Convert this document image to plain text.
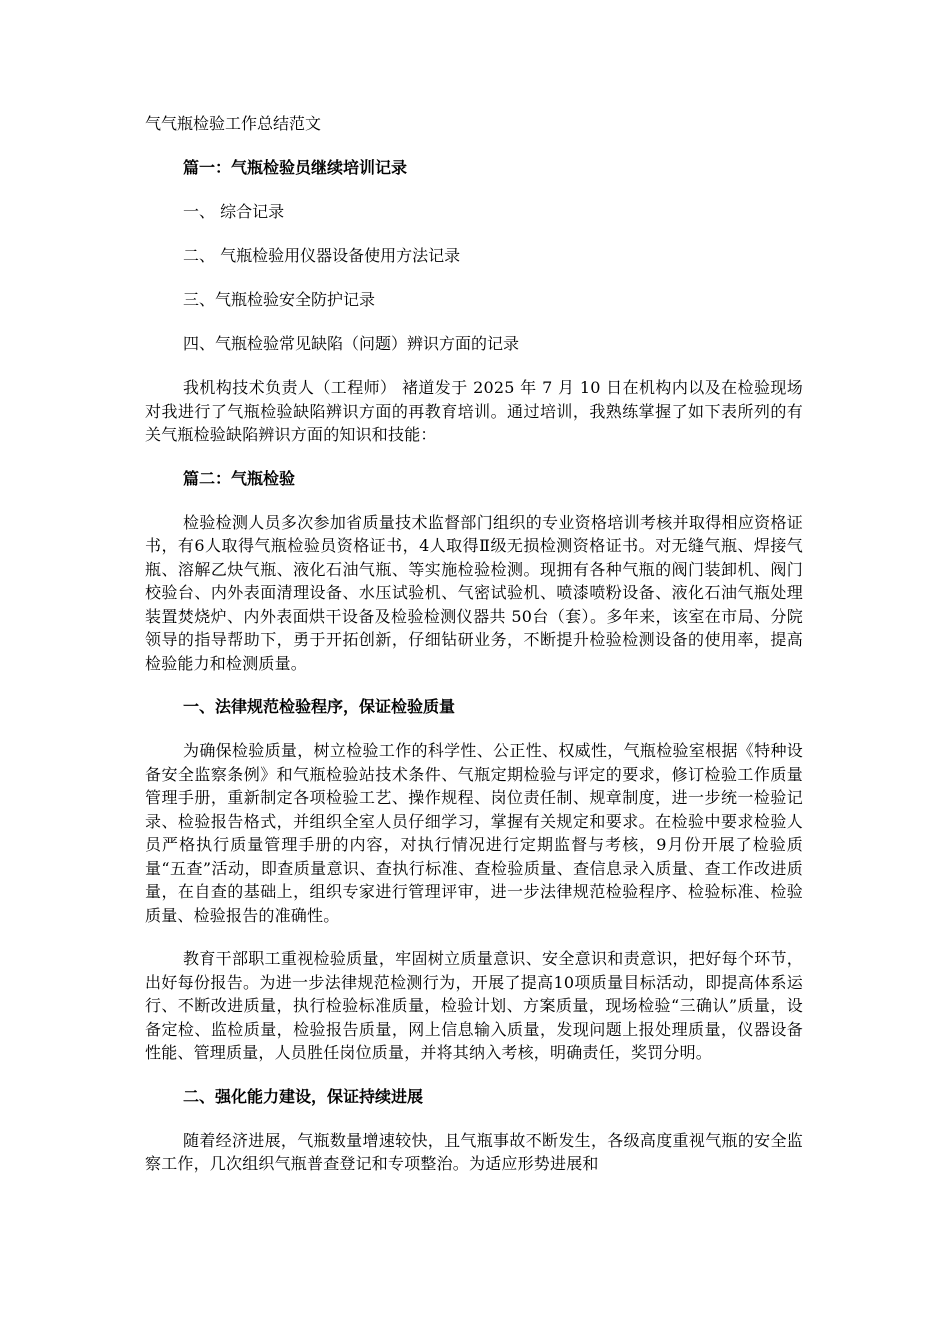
气气瓶检验工作总结范文

篇一：气瓶检验员继续培训记录

一、 综合记录

二、 气瓶检验用仪器设备使用方法记录

三、气瓶检验安全防护记录

四、气瓶检验常见缺陷（问题）辨识方面的记录

我机构技术负责人（工程师） 褚道发于 2025 年 7 月 10 日在机构内以及在检验现场对我进行了气瓶检验缺陷辨识方面的再教育培训。通过培训，我熟练掌握了如下表所列的有关气瓶检验缺陷辨识方面的知识和技能：

篇二：气瓶检验

检验检测人员多次参加省质量技术监督部门组织的专业资格培训考核并取得相应资格证书，有6人取得气瓶检验员资格证书，4人取得Ⅱ级无损检测资格证书。对无缝气瓶、焊接气瓶、溶解乙炔气瓶、液化石油气瓶、等实施检验检测。现拥有各种气瓶的阀门装卸机、阀门校验台、内外表面清理设备、水压试验机、气密试验机、喷漆喷粉设备、液化石油气瓶处理装置焚烧炉、内外表面烘干设备及检验检测仪器共 50台（套）。多年来，该室在市局、分院领导的指导帮助下，勇于开拓创新，仔细钻研业务，不断提升检验检测设备的使用率，提高检验能力和检测质量。

一、法律规范检验程序，保证检验质量

为确保检验质量，树立检验工作的科学性、公正性、权威性，气瓶检验室根据《特种设备安全监察条例》和气瓶检验站技术条件、气瓶定期检验与评定的要求，修订检验工作质量管理手册，重新制定各项检验工艺、操作规程、岗位责任制、规章制度，进一步统一检验记录、检验报告格式，并组织全室人员仔细学习，掌握有关规定和要求。在检验中要求检验人员严格执行质量管理手册的内容，对执行情况进行定期监督与考核，9月份开展了检验质量“五查”活动，即查质量意识、查执行标准、查检验质量、查信息录入质量、查工作改进质量，在自查的基础上，组织专家进行管理评审，进一步法律规范检验程序、检验标准、检验质量、检验报告的准确性。

教育干部职工重视检验质量，牢固树立质量意识、安全意识和责意识，把好每个环节，出好每份报告。为进一步法律规范检测行为，开展了提高10项质量目标活动，即提高体系运行、不断改进质量，执行检验标准质量，检验计划、方案质量，现场检验“三确认”质量，设备定检、监检质量，检验报告质量，网上信息输入质量，发现问题上报处理质量，仪器设备性能、管理质量，人员胜任岗位质量，并将其纳入考核，明确责任，奖罚分明。

二、强化能力建设，保证持续进展

随着经济进展，气瓶数量增速较快，且气瓶事故不断发生，各级高度重视气瓶的安全监察工作，几次组织气瓶普查登记和专项整治。为适应形势进展和
